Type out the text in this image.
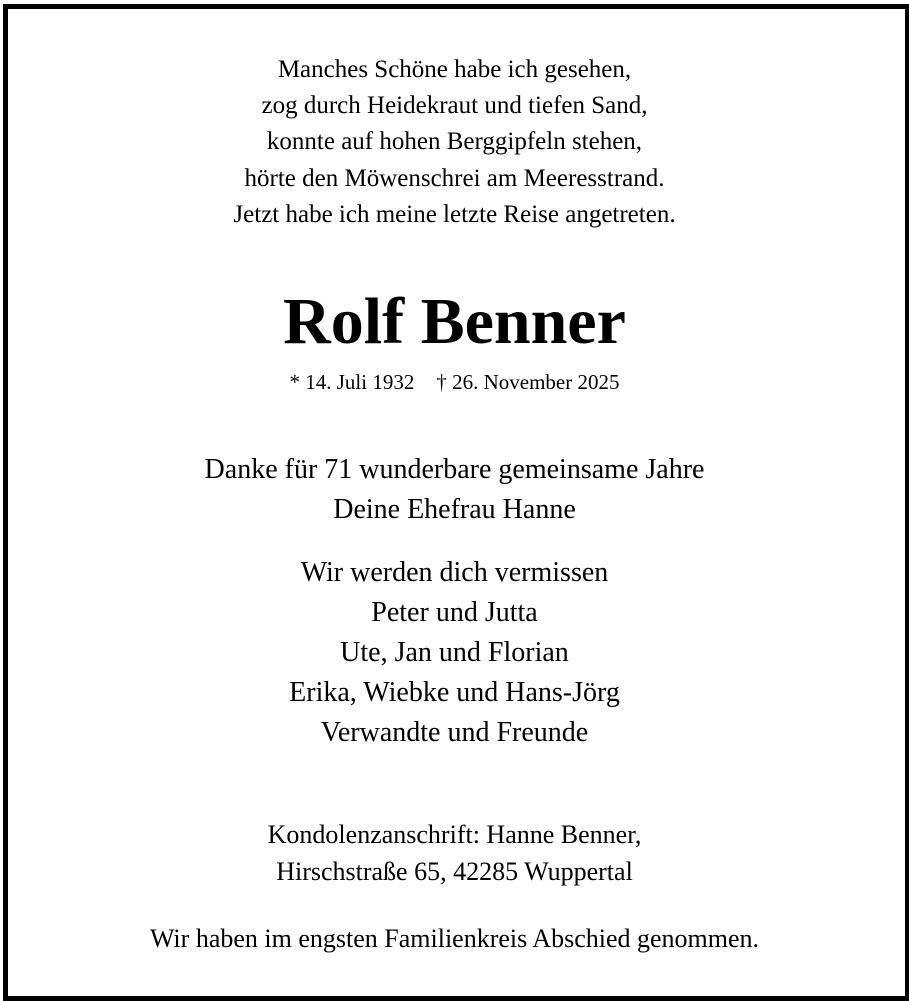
Manches Schöne habe ich gesehen,
zog durch Heidekraut und tiefen Sand,
konnte auf hohen Berggipfeln stehen,
hörte den Möwenschrei am Meeresstrand.
Jetzt habe ich meine letzte Reise angetreten.
Rolf Benner
* 14. Juli 1932 † 26. November 2025
Danke für 71 wunderbare gemeinsame Jahre
Deine Ehefrau Hanne
Wir werden dich vermissen
Peter und Jutta
Ute, Jan und Florian
Erika, Wiebke und Hans-Jörg
Verwandte und Freunde
Kondolenzanschrift: Hanne Benner,
Hirschstraße 65, 42285 Wuppertal
Wir haben im engsten Familienkreis Abschied genommen.
